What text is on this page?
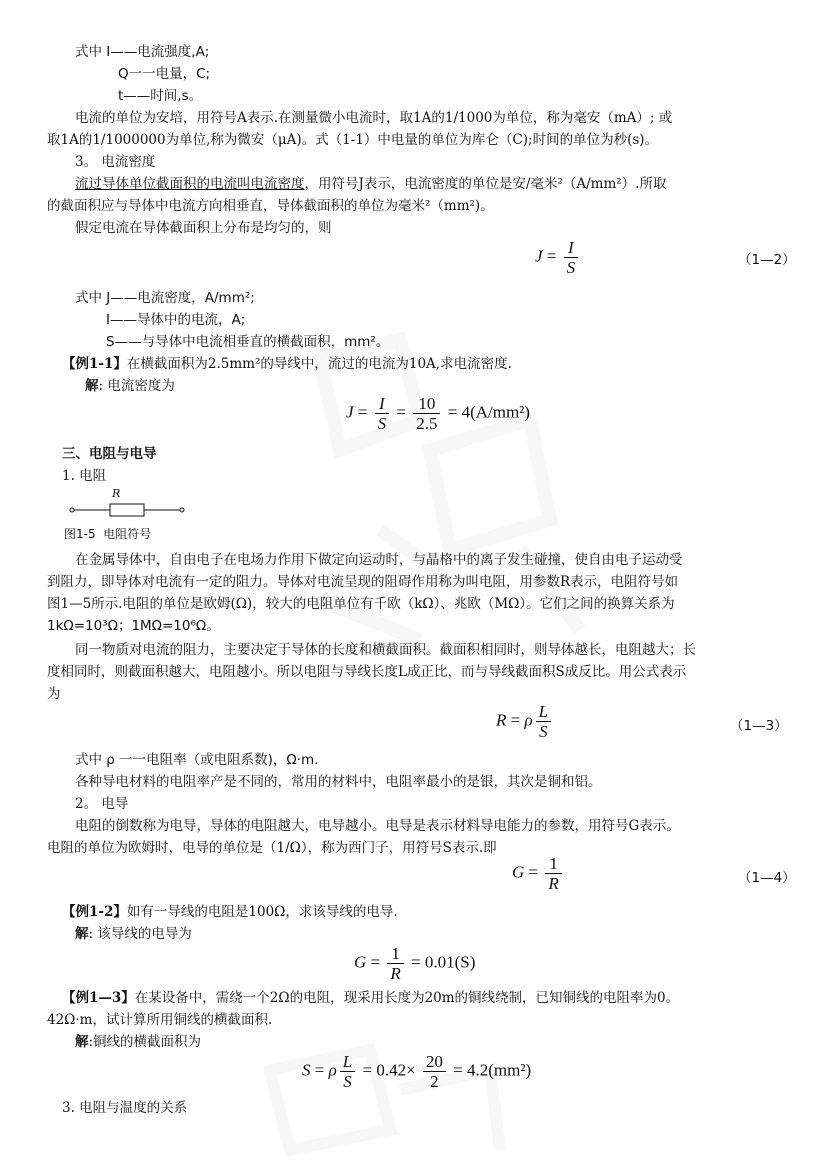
式中 I——电流强度,A;
Q一一电量，C;
t——时间,s。
电流的单位为安培，用符号A表示.在测量微小电流时，取1A的1/1000为单位，称为毫安（mA）; 或
取1A的1/1000000为单位,称为微安（μA)。式（1-1）中电量的单位为库仑（C);时间的单位为秒(s)。
3。 电流密度
流过导体单位截面积的电流叫电流密度，用符号J表示，电流密度的单位是安/毫米²（A/mm²）.所取
的截面积应与导体中电流方向相垂直，导体截面积的单位为毫米²（mm²)。
假定电流在导体截面积上分布是均匀的，则
$J = \frac{I}{S}$	（1—2）
式中 J——电流密度，A/mm²;
I——导体中的电流，A;
S——与导体中电流相垂直的横截面积，mm²。
【例1-1】在横截面积为2.5mm²的导线中，流过的电流为10A,求电流密度.
解: 电流密度为
$J = \frac{I}{S} = \frac{10}{2.5} = 4(A/mm^2)$
三、电阻与电导
1. 电阻
R
图1-5 电阻符号
在金属导体中，自由电子在电场力作用下做定向运动时，与晶格中的离子发生碰撞，使自由电子运动受
到阻力，即导体对电流有一定的阻力。导体对电流呈现的阻碍作用称为叫电阻，用参数R表示，电阻符号如
图1—5所示.电阻的单位是欧姆(Ω)，较大的电阻单位有千欧（kΩ）、兆欧（MΩ）。它们之间的换算关系为
1kΩ=10³Ω；1MΩ=10⁶Ω。
同一物质对电流的阻力，主要决定于导体的长度和横截面积。截面积相同时，则导体越长，电阻越大；长
度相同时，则截面积越大，电阻越小。所以电阻与导线长度L成正比，而与导线截面积S成反比。用公式表示
为
R = ρ $\frac{L}{S}$	（1—3）
式中 ρ 一一电阻率（或电阻系数)，Ω·m.
各种导电材料的电阻率产是不同的，常用的材料中，电阻率最小的是银，其次是铜和铝。
2。 电导
电阻的倒数称为电导，导体的电阻越大，电导越小。电导是表示材料导电能力的参数，用符号G表示。
电阻的单位为欧姆时，电导的单位是（1/Ω），称为西门子，用符号S表示.即
$G = \frac{1}{R}$	（1—4）
【例1-2】如有一导线的电阻是100Ω，求该导线的电导.
解: 该导线的电导为
$G = \frac{1}{R} = 0.01(S)$
【例1—3】在某设备中，需绕一个2Ω的电阻，现采用长度为20m的铜线绕制，已知铜线的电阻率为0。
42Ω·m，试计算所用铜线的横截面积.
解:铜线的横截面积为
S = ρ $\frac{L}{S} = 0.42\times \frac{20}{2} = 4.2(mm^2)$
3. 电阻与温度的关系
